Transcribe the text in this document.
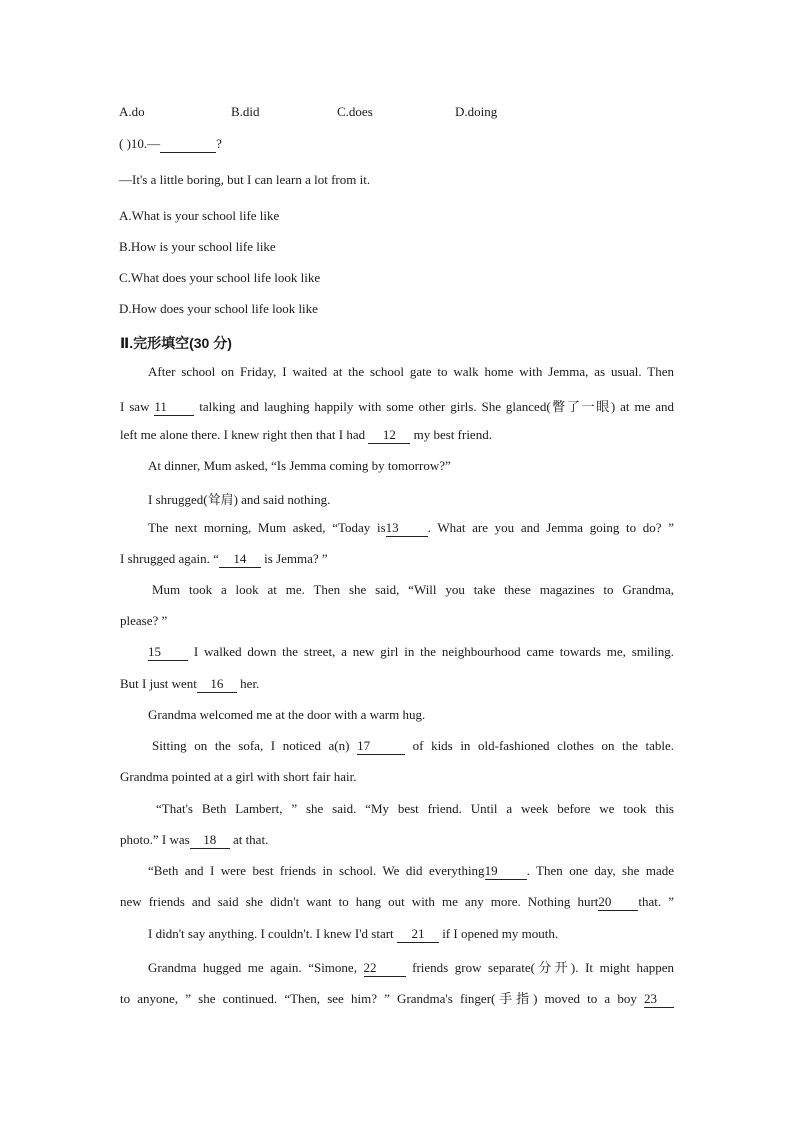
A.do	B.did	C.does	D.doing
( )10.—	?
—It's a little boring, but I can learn a lot from it.
A.What is your school life like
B.How is your school life like
C.What does your school life look like
D.How does your school life look like
Ⅱ.完形填空(30 分)
After school on Friday, I waited at the school gate to walk home with Jemma, as usual. Then
I saw 11 talking and laughing happily with some other girls. She glanced(瞥了一眼) at me and
left me alone there. I knew right then that I had 12 my best friend.
At dinner, Mum asked, “Is Jemma coming by tomorrow?”
I shrugged(耸肩) and said nothing.
The next morning, Mum asked, “Today is13 . What are you and Jemma going to do? ”
I shrugged again. “ 14 is Jemma? ”
Mum took a look at me. Then she said, “Will you take these magazines to Grandma,
please? ”
15	I walked down the street, a new girl in the neighbourhood came towards me, smiling.
But I just went 16 her.
Grandma welcomed me at the door with a warm hug.
Sitting on the sofa, I noticed a(n) 17	of kids in old-fashioned clothes on the table.
Grandma pointed at a girl with short fair hair.
“That's Beth Lambert, ” she said. “My best friend. Until a week before we took this
photo.” I was 18 at that.
“Beth and I were best friends in school. We did everything19 . Then one day, she made
new friends and said she didn't want to hang out with me any more. Nothing hurt20 that. ”
I didn't say anything. I couldn't. I knew I'd start 21 if I opened my mouth.
Grandma hugged me again. “Simone, 22	friends grow separate(分开). It might happen
to anyone, ” she continued. “Then, see him? ” Grandma's finger(手指) moved to a boy 23
